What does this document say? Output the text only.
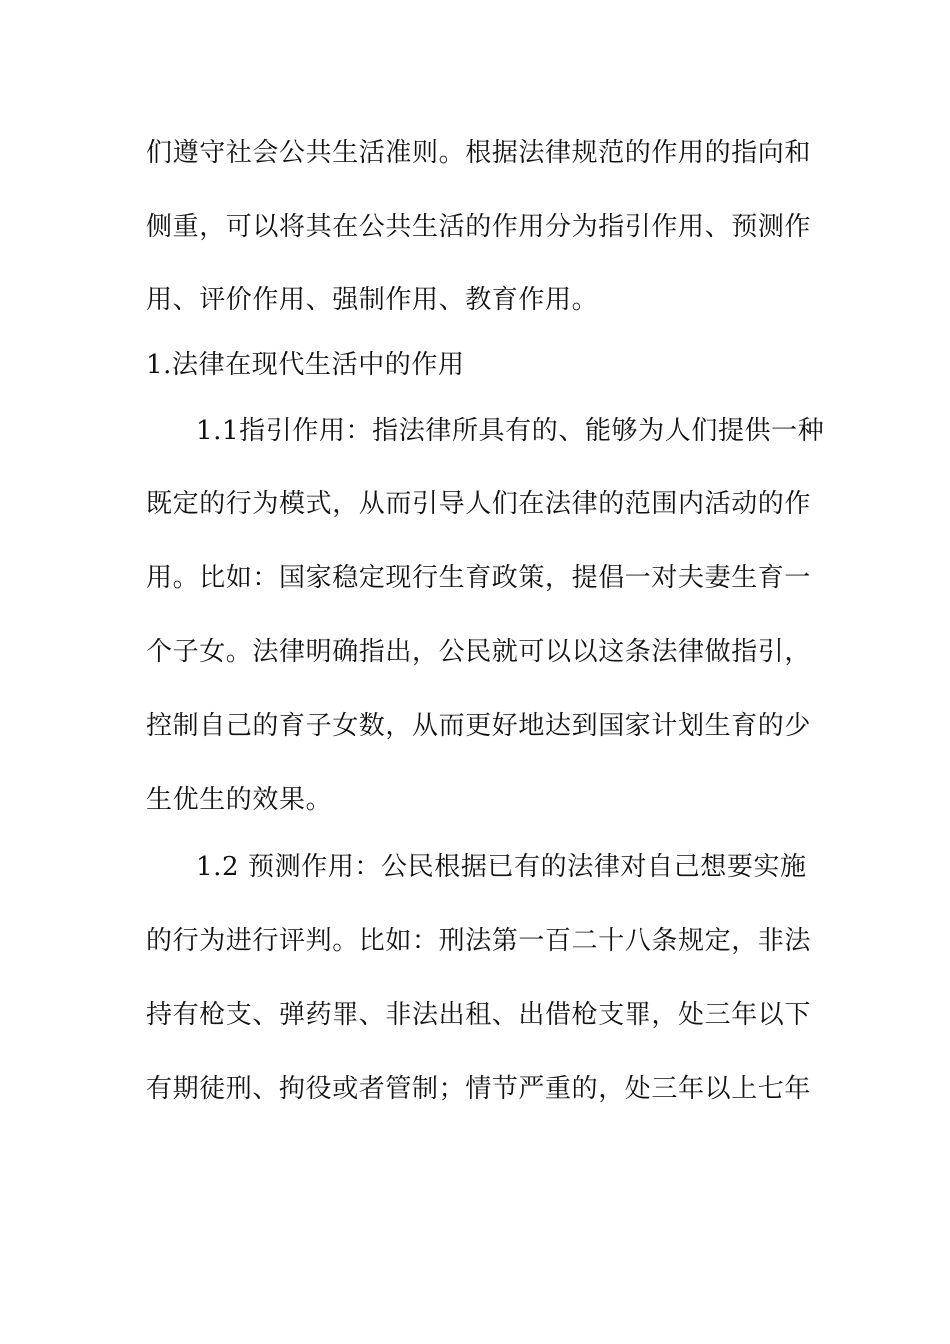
们遵守社会公共生活准则。根据法律规范的作用的指向和
侧重，可以将其在公共生活的作用分为指引作用、预测作
用、评价作用、强制作用、教育作用。
1.法律在现代生活中的作用
1.1指引作用：指法律所具有的、能够为人们提供一种
既定的行为模式，从而引导人们在法律的范围内活动的作
用。比如：国家稳定现行生育政策，提倡一对夫妻生育一
个子女。法律明确指出，公民就可以以这条法律做指引，
控制自己的育子女数，从而更好地达到国家计划生育的少
生优生的效果。
1.2 预测作用：公民根据已有的法律对自己想要实施
的行为进行评判。比如：刑法第一百二十八条规定，非法
持有枪支、弹药罪、非法出租、出借枪支罪，处三年以下
有期徒刑、拘役或者管制；情节严重的，处三年以上七年
